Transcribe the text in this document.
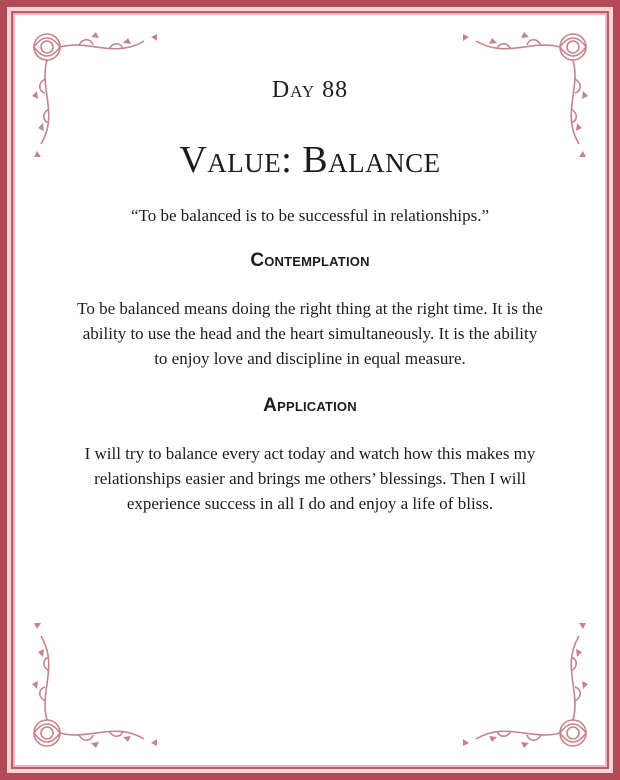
Day 88
Value: Balance
“To be balanced is to be successful in relationships.”
Contemplation
To be balanced means doing the right thing at the right time. It is the ability to use the head and the heart simultaneously. It is the ability to enjoy love and discipline in equal measure.
Application
I will try to balance every act today and watch how this makes my relationships easier and brings me others’ blessings. Then I will experience success in all I do and enjoy a life of bliss.
